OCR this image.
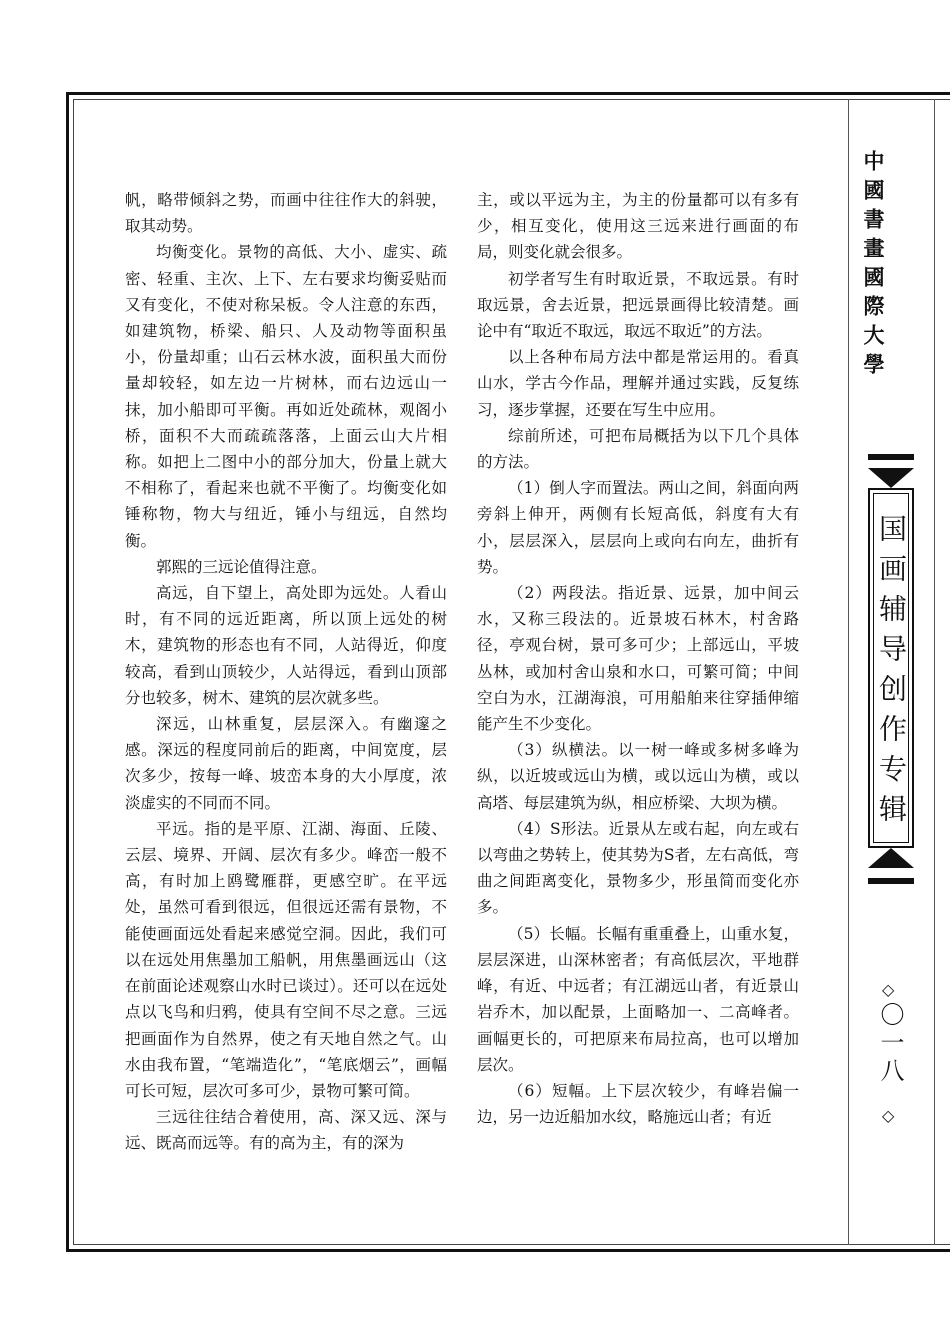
帆，略带倾斜之势，而画中往往作大的斜驶，取其动势。

均衡变化。景物的高低、大小、虚实、疏密、轻重、主次、上下、左右要求均衡妥贴而又有变化，不使对称呆板。令人注意的东西，如建筑物，桥梁、船只、人及动物等面积虽小，份量却重；山石云林水波，面积虽大而份量却较轻，如左边一片树林，而右边远山一抹，加小船即可平衡。再如近处疏林，观阁小桥，面积不大而疏疏落落，上面云山大片相称。如把上二图中小的部分加大，份量上就大不相称了，看起来也就不平衡了。均衡变化如锤称物，物大与纽近，锤小与纽远，自然均衡。

郭熙的三远论值得注意。

高远，自下望上，高处即为远处。人看山时，有不同的远近距离，所以顶上远处的树木，建筑物的形态也有不同，人站得近，仰度较高，看到山顶较少，人站得远，看到山顶部分也较多，树木、建筑的层次就多些。

深远，山林重复，层层深入。有幽邃之感。深远的程度同前后的距离，中间宽度，层次多少，按每一峰、坡峦本身的大小厚度，浓淡虚实的不同而不同。

平远。指的是平原、江湖、海面、丘陵、云层、境界、开阔、层次有多少。峰峦一般不高，有时加上鸥鹭雁群，更感空旷。在平远处，虽然可看到很远，但很远还需有景物，不能使画面远处看起来感觉空洞。因此，我们可以在远处用焦墨加工船帆，用焦墨画远山（这在前面论述观察山水时已谈过）。还可以在远处点以飞鸟和归鸦，使具有空间不尽之意。三远把画面作为自然界，使之有天地自然之气。山水由我布置，“笔端造化”，“笔底烟云”，画幅可长可短，层次可多可少，景物可繁可简。

三远往往结合着使用，高、深又远、深与远、既高而远等。有的高为主，有的深为

主，或以平远为主，为主的份量都可以有多有少，相互变化，使用这三远来进行画面的布局，则变化就会很多。

初学者写生有时取近景，不取远景。有时取远景，舍去近景，把远景画得比较清楚。画论中有“取近不取远，取远不取近”的方法。

以上各种布局方法中都是常运用的。看真山水，学古今作品，理解并通过实践，反复练习，逐步掌握，还要在写生中应用。

综前所述，可把布局概括为以下几个具体的方法。

（1）倒人字而置法。两山之间，斜面向两旁斜上伸开，两侧有长短高低，斜度有大有小，层层深入，层层向上或向右向左，曲折有势。

（2）两段法。指近景、远景，加中间云水，又称三段法的。近景坡石林木，村舍路径，亭观台树，景可多可少；上部远山，平坡丛林，或加村舍山泉和水口，可繁可简；中间空白为水，江湖海浪，可用船舶来往穿插伸缩能产生不少变化。

（3）纵横法。以一树一峰或多树多峰为纵，以近坡或远山为横，或以远山为横，或以高塔、每层建筑为纵，相应桥梁、大坝为横。

（4）S形法。近景从左或右起，向左或右以弯曲之势转上，使其势为S者，左右高低，弯曲之间距离变化，景物多少，形虽简而变化亦多。

（5）长幅。长幅有重重叠上，山重水复，层层深进，山深林密者；有高低层次，平地群峰，有近、中远者；有江湖远山者，有近景山岩乔木，加以配景，上面略加一、二高峰者。画幅更长的，可把原来布局拉高，也可以增加层次。

（6）短幅。上下层次较少，有峰岩偏一边，另一边近船加水纹，略施远山者；有近

中國書畫國際大學
国画辅导创作专辑
◇
〇一八
◇
